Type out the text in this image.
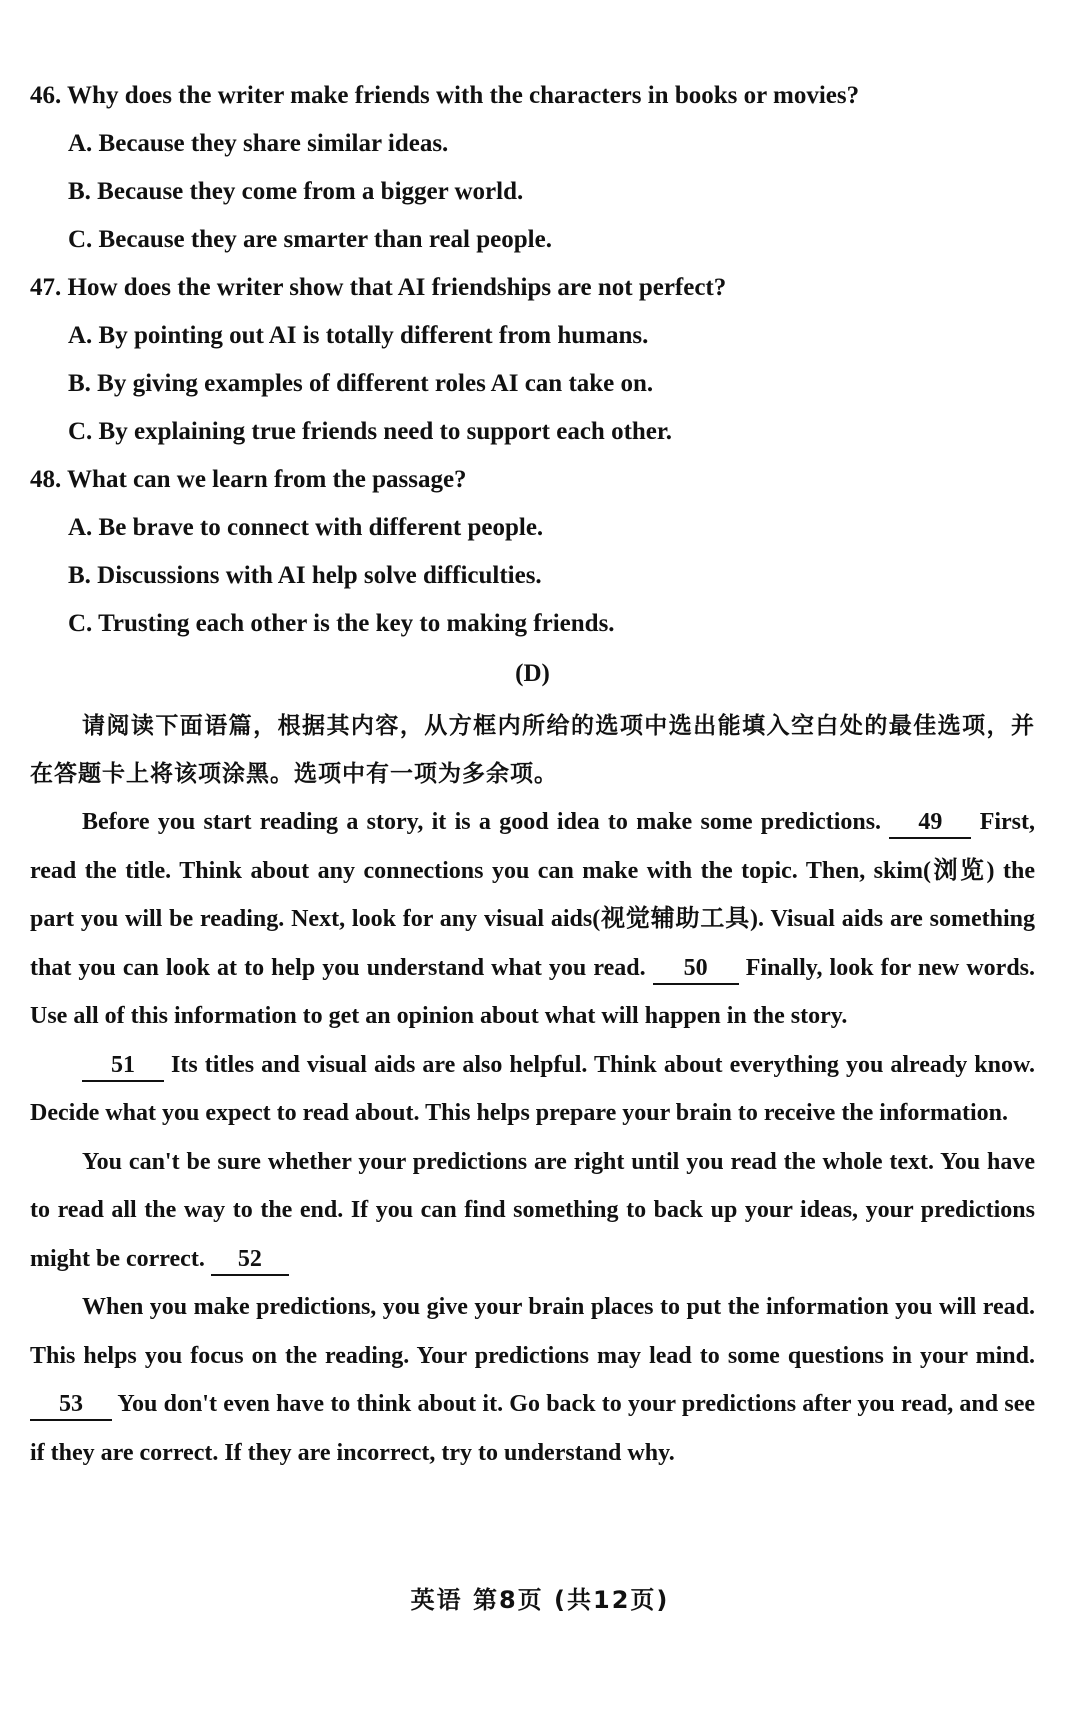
46. Why does the writer make friends with the characters in books or movies?
A. Because they share similar ideas.
B. Because they come from a bigger world.
C. Because they are smarter than real people.
47. How does the writer show that AI friendships are not perfect?
A. By pointing out AI is totally different from humans.
B. By giving examples of different roles AI can take on.
C. By explaining true friends need to support each other.
48. What can we learn from the passage?
A. Be brave to connect with different people.
B. Discussions with AI help solve difficulties.
C. Trusting each other is the key to making friends.
(D)
请阅读下面语篇，根据其内容，从方框内所给的选项中选出能填入空白处的最佳选项，并在答题卡上将该项涂黑。选项中有一项为多余项。
Before you start reading a story, it is a good idea to make some predictions. 49 First, read the title. Think about any connections you can make with the topic. Then, skim(浏览) the part you will be reading. Next, look for any visual aids(视觉辅助工具). Visual aids are something that you can look at to help you understand what you read. 50 Finally, look for new words. Use all of this information to get an opinion about what will happen in the story.
51 Its titles and visual aids are also helpful. Think about everything you already know. Decide what you expect to read about. This helps prepare your brain to receive the information.
You can't be sure whether your predictions are right until you read the whole text. You have to read all the way to the end. If you can find something to back up your ideas, your predictions might be correct. 52
When you make predictions, you give your brain places to put the information you will read. This helps you focus on the reading. Your predictions may lead to some questions in your mind. 53 You don't even have to think about it. Go back to your predictions after you read, and see if they are correct. If they are incorrect, try to understand why.
英语 第8页 (共12页)
